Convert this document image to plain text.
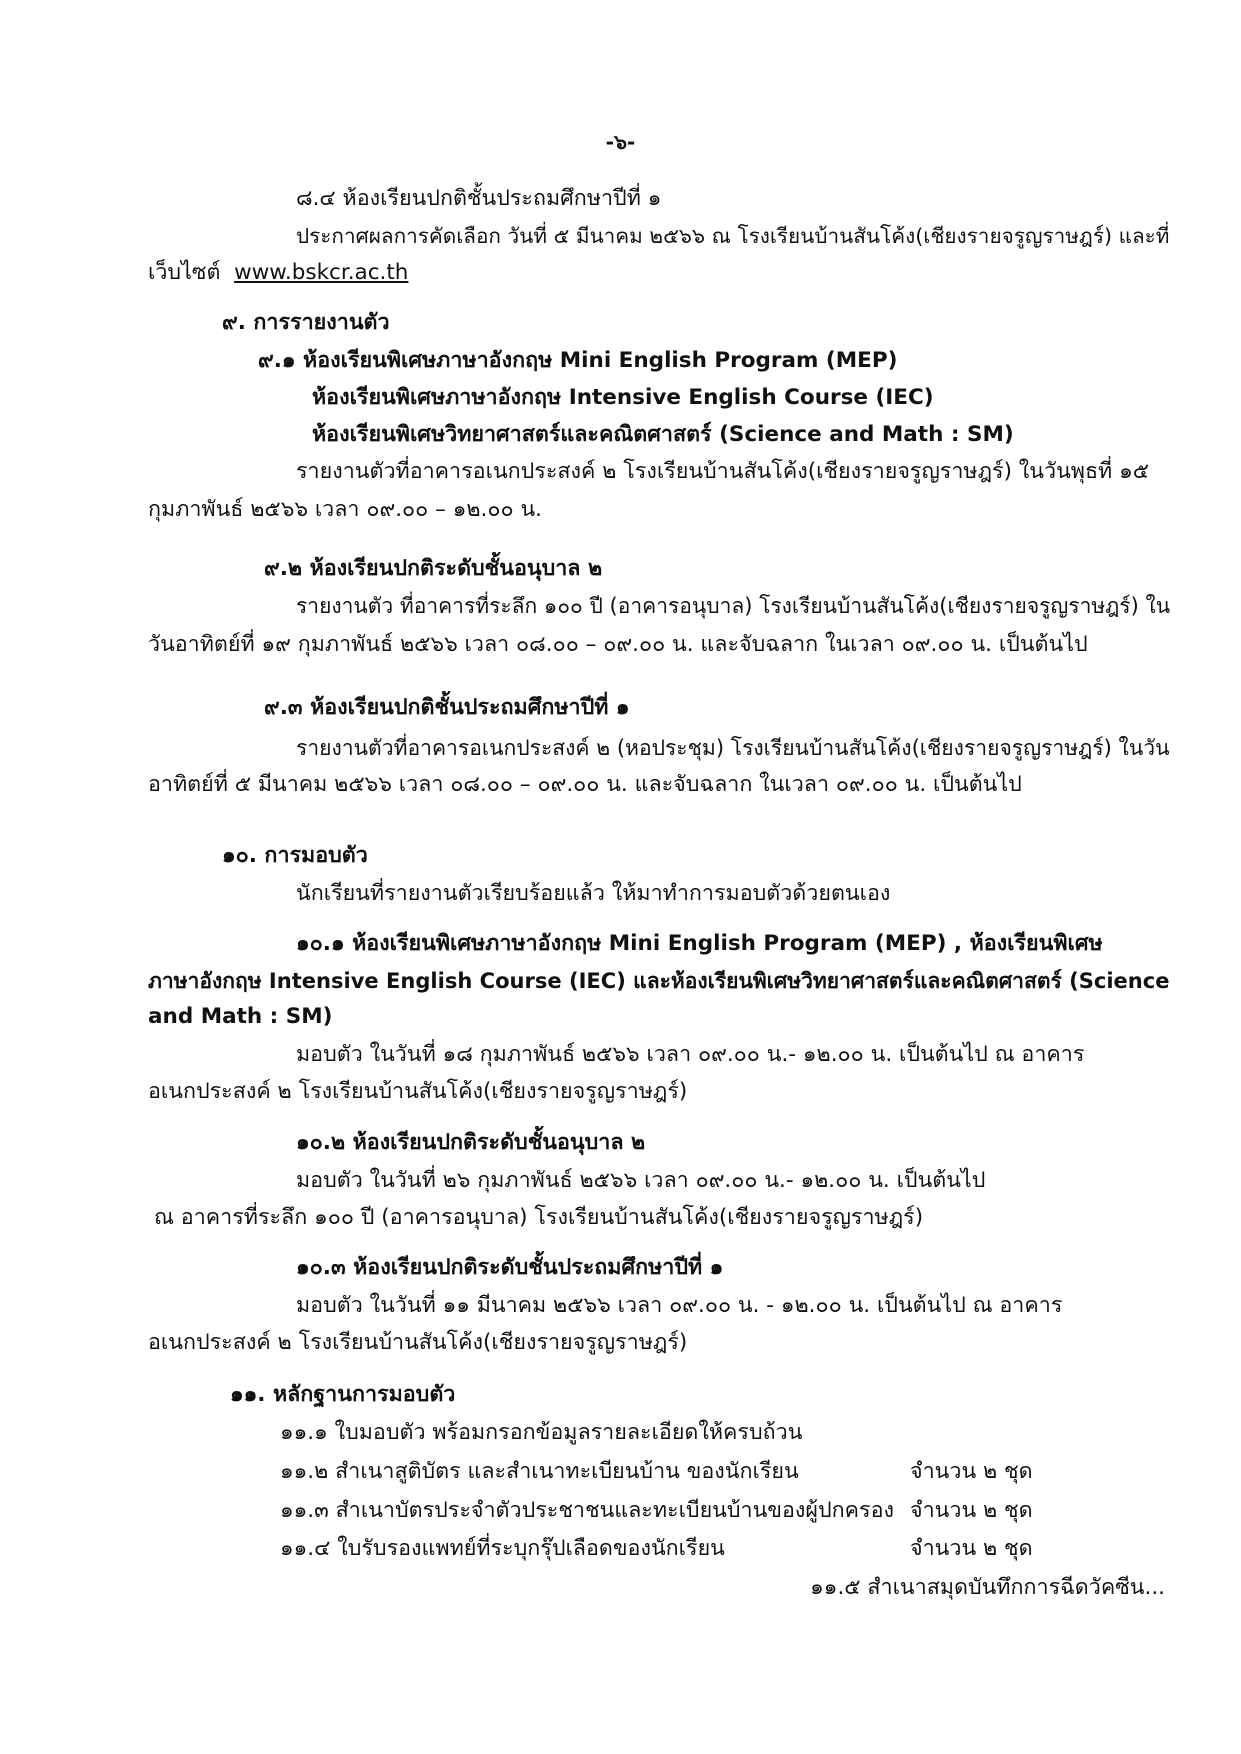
-๖-
๘.๔ ห้องเรียนปกติชั้นประถมศึกษาปีที่ ๑
ประกาศผลการคัดเลือก วันที่ ๕ มีนาคม ๒๕๖๖ ณ โรงเรียนบ้านสันโค้ง(เชียงรายจรูญราษฎร์) และที่
เว็บไซต์ www.bskcr.ac.th
๙. การรายงานตัว
๙.๑ ห้องเรียนพิเศษภาษาอังกฤษ Mini English Program (MEP)
ห้องเรียนพิเศษภาษาอังกฤษ Intensive English Course (IEC)
ห้องเรียนพิเศษวิทยาศาสตร์และคณิตศาสตร์ (Science and Math : SM)
รายงานตัวที่อาคารอเนกประสงค์ ๒ โรงเรียนบ้านสันโค้ง(เชียงรายจรูญราษฎร์) ในวันพุธที่ ๑๕
กุมภาพันธ์ ๒๕๖๖ เวลา ๐๙.๐๐ – ๑๒.๐๐ น.
๙.๒ ห้องเรียนปกติระดับชั้นอนุบาล ๒
รายงานตัว ที่อาคารที่ระลึก ๑๐๐ ปี (อาคารอนุบาล) โรงเรียนบ้านสันโค้ง(เชียงรายจรูญราษฎร์) ใน
วันอาทิตย์ที่ ๑๙ กุมภาพันธ์ ๒๕๖๖ เวลา ๐๘.๐๐ – ๐๙.๐๐ น. และจับฉลาก ในเวลา ๐๙.๐๐ น. เป็นต้นไป
๙.๓ ห้องเรียนปกติชั้นประถมศึกษาปีที่ ๑
รายงานตัวที่อาคารอเนกประสงค์ ๒ (หอประชุม) โรงเรียนบ้านสันโค้ง(เชียงรายจรูญราษฎร์) ในวัน
อาทิตย์ที่ ๕ มีนาคม ๒๕๖๖ เวลา ๐๘.๐๐ – ๐๙.๐๐ น. และจับฉลาก ในเวลา ๐๙.๐๐ น. เป็นต้นไป
๑๐. การมอบตัว
นักเรียนที่รายงานตัวเรียบร้อยแล้ว ให้มาทำการมอบตัวด้วยตนเอง
๑๐.๑ ห้องเรียนพิเศษภาษาอังกฤษ Mini English Program (MEP) , ห้องเรียนพิเศษ
ภาษาอังกฤษ Intensive English Course (IEC) และห้องเรียนพิเศษวิทยาศาสตร์และคณิตศาสตร์ (Science
and Math : SM)
มอบตัว ในวันที่ ๑๘ กุมภาพันธ์ ๒๕๖๖ เวลา ๐๙.๐๐ น.- ๑๒.๐๐ น. เป็นต้นไป ณ อาคาร
อเนกประสงค์ ๒ โรงเรียนบ้านสันโค้ง(เชียงรายจรูญราษฎร์)
๑๐.๒ ห้องเรียนปกติระดับชั้นอนุบาล ๒
มอบตัว ในวันที่ ๒๖ กุมภาพันธ์ ๒๕๖๖ เวลา ๐๙.๐๐ น.- ๑๒.๐๐ น. เป็นต้นไป
ณ อาคารที่ระลึก ๑๐๐ ปี (อาคารอนุบาล) โรงเรียนบ้านสันโค้ง(เชียงรายจรูญราษฎร์)
๑๐.๓ ห้องเรียนปกติระดับชั้นประถมศึกษาปีที่ ๑
มอบตัว ในวันที่ ๑๑ มีนาคม ๒๕๖๖ เวลา ๐๙.๐๐ น. - ๑๒.๐๐ น. เป็นต้นไป ณ อาคาร
อเนกประสงค์ ๒ โรงเรียนบ้านสันโค้ง(เชียงรายจรูญราษฎร์)
๑๑. หลักฐานการมอบตัว
๑๑.๑ ใบมอบตัว พร้อมกรอกข้อมูลรายละเอียดให้ครบถ้วน
๑๑.๒ สำเนาสูติบัตร และสำเนาทะเบียนบ้าน ของนักเรียน	จำนวน ๒ ชุด
๑๑.๓ สำเนาบัตรประจำตัวประชาชนและทะเบียนบ้านของผู้ปกครอง จำนวน ๒ ชุด
๑๑.๔ ใบรับรองแพทย์ที่ระบุกรุ๊ปเลือดของนักเรียน	จำนวน ๒ ชุด
๑๑.๕ สำเนาสมุดบันทึกการฉีดวัคซีน...
